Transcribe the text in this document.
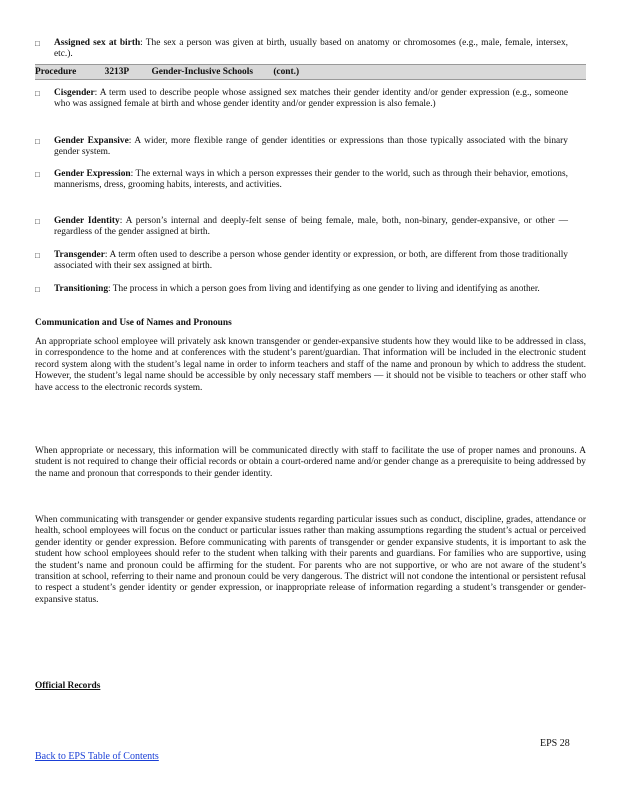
□ Assigned sex at birth: The sex a person was given at birth, usually based on anatomy or chromosomes (e.g., male, female, intersex, etc.).
Procedure	3213P Gender-Inclusive Schools (cont.)
□ Cisgender: A term used to describe people whose assigned sex matches their gender identity and/or gender expression (e.g., someone who was assigned female at birth and whose gender identity and/or gender expression is also female.)
□ Gender Expansive: A wider, more flexible range of gender identities or expressions than those typically associated with the binary gender system.
□ Gender Expression: The external ways in which a person expresses their gender to the world, such as through their behavior, emotions, mannerisms, dress, grooming habits, interests, and activities.
□ Gender Identity: A person’s internal and deeply-felt sense of being female, male, both, non-binary, gender-expansive, or other — regardless of the gender assigned at birth.
□ Transgender: A term often used to describe a person whose gender identity or expression, or both, are different from those traditionally associated with their sex assigned at birth.
□ Transitioning: The process in which a person goes from living and identifying as one gender to living and identifying as another.
Communication and Use of Names and Pronouns
An appropriate school employee will privately ask known transgender or gender-expansive students how they would like to be addressed in class, in correspondence to the home and at conferences with the student’s parent/guardian. That information will be included in the electronic student record system along with the student’s legal name in order to inform teachers and staff of the name and pronoun by which to address the student. However, the student’s legal name should be accessible by only necessary staff members — it should not be visible to teachers or other staff who have access to the electronic records system.
When appropriate or necessary, this information will be communicated directly with staff to facilitate the use of proper names and pronouns. A student is not required to change their official records or obtain a court-ordered name and/or gender change as a prerequisite to being addressed by the name and pronoun that corresponds to their gender identity.
When communicating with transgender or gender expansive students regarding particular issues such as conduct, discipline, grades, attendance or health, school employees will focus on the conduct or particular issues rather than making assumptions regarding the student’s actual or perceived gender identity or gender expression. Before communicating with parents of transgender or gender expansive students, it is important to ask the student how school employees should refer to the student when talking with their parents and guardians. For families who are supportive, using the student’s name and pronoun could be affirming for the student. For parents who are not supportive, or who are not aware of the student’s transition at school, referring to their name and pronoun could be very dangerous. The district will not condone the intentional or persistent refusal to respect a student’s gender identity or gender expression, or inappropriate release of information regarding a student’s transgender or gender-expansive status.
Official Records
EPS 28
Back to EPS Table of Contents
